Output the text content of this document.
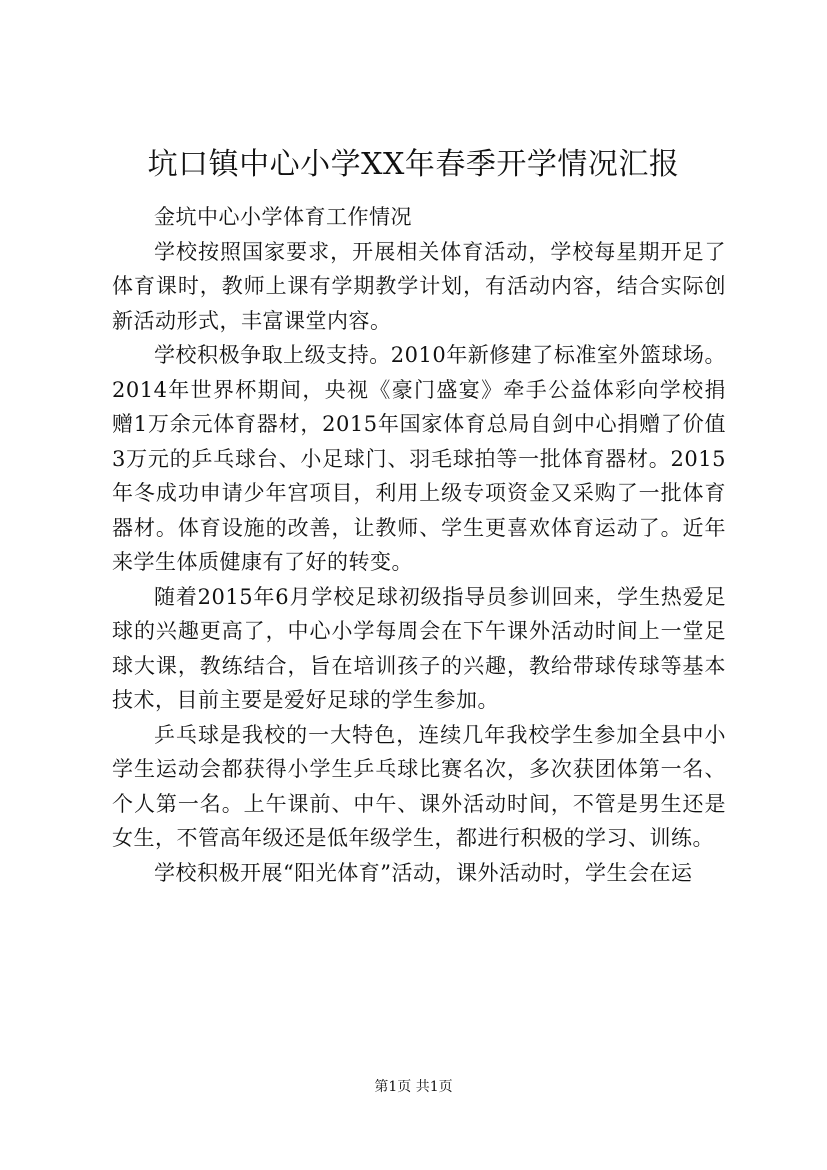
坑口镇中心小学XX年春季开学情况汇报

金坑中心小学体育工作情况

学校按照国家要求，开展相关体育活动，学校每星期开足了体育课时，教师上课有学期教学计划，有活动内容，结合实际创新活动形式，丰富课堂内容。

学校积极争取上级支持。2010年新修建了标准室外篮球场。2014年世界杯期间，央视《豪门盛宴》牵手公益体彩向学校捐赠1万余元体育器材，2015年国家体育总局自剑中心捐赠了价值3万元的乒乓球台、小足球门、羽毛球拍等一批体育器材。2015年冬成功申请少年宫项目，利用上级专项资金又采购了一批体育器材。体育设施的改善，让教师、学生更喜欢体育运动了。近年来学生体质健康有了好的转变。

随着2015年6月学校足球初级指导员参训回来，学生热爱足球的兴趣更高了，中心小学每周会在下午课外活动时间上一堂足球大课，教练结合，旨在培训孩子的兴趣，教给带球传球等基本技术，目前主要是爱好足球的学生参加。

乒乓球是我校的一大特色，连续几年我校学生参加全县中小学生运动会都获得小学生乒乓球比赛名次，多次获团体第一名、个人第一名。上午课前、中午、课外活动时间，不管是男生还是女生，不管高年级还是低年级学生，都进行积极的学习、训练。

学校积极开展“阳光体育”活动，课外活动时，学生会在运

第1页 共1页
